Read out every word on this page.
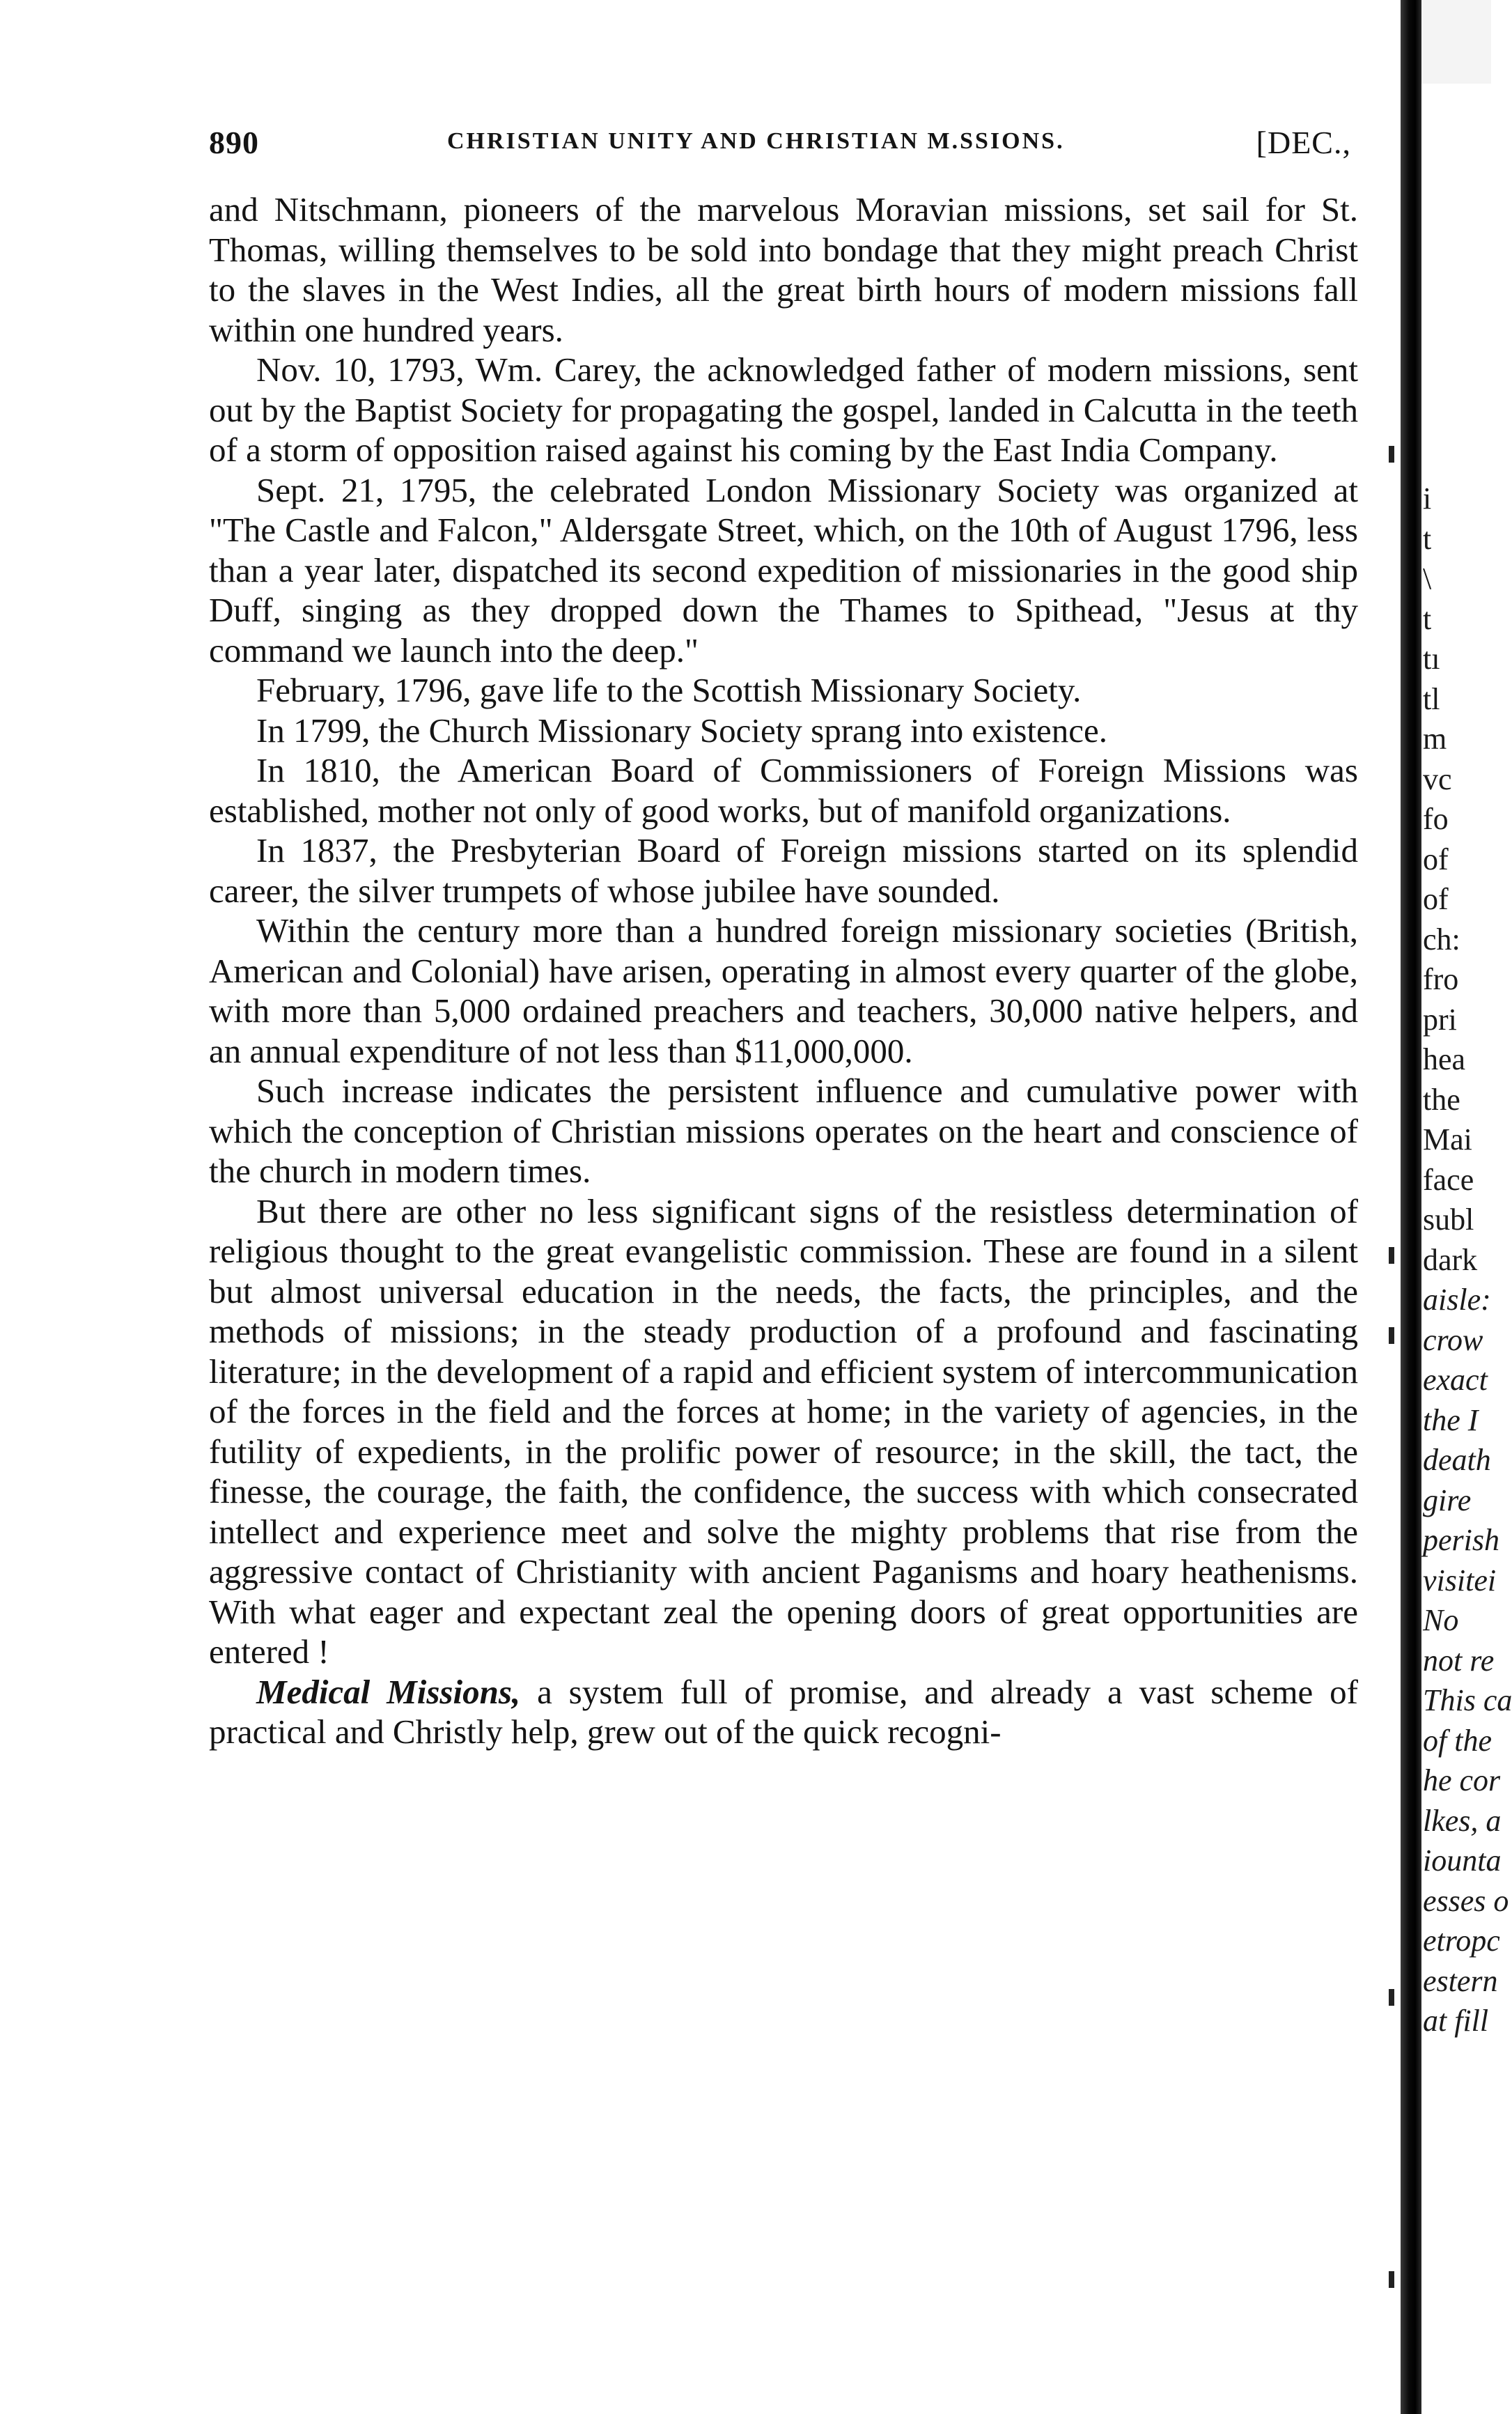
890	CHRISTIAN UNITY AND CHRISTIAN M.SSIONS.	[DEC.,

and Nitschmann, pioneers of the marvelous Moravian missions, set sail for St. Thomas, willing themselves to be sold into bondage that they might preach Christ to the slaves in the West Indies, all the great birth hours of modern missions fall within one hundred years.

Nov. 10, 1793, Wm. Carey, the acknowledged father of modern missions, sent out by the Baptist Society for propagating the gospel, landed in Calcutta in the teeth of a storm of opposition raised against his coming by the East India Company.

Sept. 21, 1795, the celebrated London Missionary Society was organized at "The Castle and Falcon," Aldersgate Street, which, on the 10th of August 1796, less than a year later, dispatched its second expedition of missionaries in the good ship Duff, singing as they dropped down the Thames to Spithead, "Jesus at thy command we launch into the deep."

February, 1796, gave life to the Scottish Missionary Society.

In 1799, the Church Missionary Society sprang into existence.

In 1810, the American Board of Commissioners of Foreign Missions was established, mother not only of good works, but of manifold organizations.

In 1837, the Presbyterian Board of Foreign missions started on its splendid career, the silver trumpets of whose jubilee have sounded.

Within the century more than a hundred foreign missionary societies (British, American and Colonial) have arisen, operating in almost every quarter of the globe, with more than 5,000 ordained preachers and teachers, 30,000 native helpers, and an annual expenditure of not less than $11,000,000.

Such increase indicates the persistent influence and cumulative power with which the conception of Christian missions operates on the heart and conscience of the church in modern times.

But there are other no less significant signs of the resistless determination of religious thought to the great evangelistic commission. These are found in a silent but almost universal education in the needs, the facts, the principles, and the methods of missions; in the steady production of a profound and fascinating literature; in the development of a rapid and efficient system of intercommunication of the forces in the field and the forces at home; in the variety of agencies, in the futility of expedients, in the prolific power of resource; in the skill, the tact, the finesse, the courage, the faith, the confidence, the success with which consecrated intellect and experience meet and solve the mighty problems that rise from the aggressive contact of Christianity with ancient Paganisms and hoary heathenisms. With what eager and expectant zeal the opening doors of great opportunities are entered !

Medical Missions, a system full of promise, and already a vast scheme of practical and Christly help, grew out of the quick recogni-

i
t
\
t
tı
tl
m
vc
fo
of
of
ch:
fro
pri
hea
the
Mai
face
subl
dark
aisle:
crow
exact
the I
death
gire
perish
visitei
No
not re
This ca
of the
he cor
lkes, a
iounta
esses o
etropc
estern
at fill
